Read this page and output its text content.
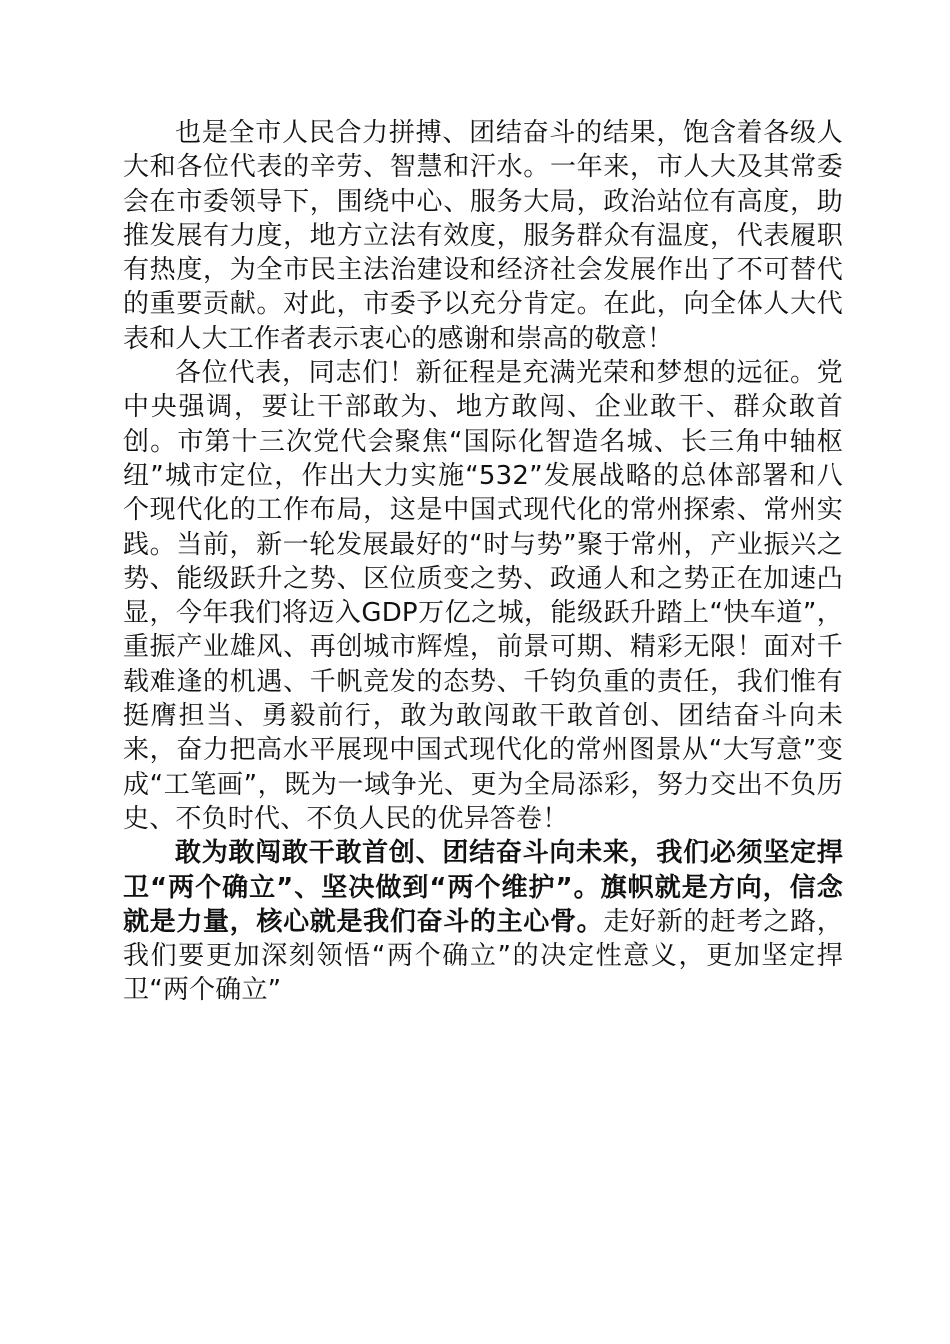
也是全市人民合力拼搏、团结奋斗的结果，饱含着各级人大和各位代表的辛劳、智慧和汗水。一年来，市人大及其常委会在市委领导下，围绕中心、服务大局，政治站位有高度，助推发展有力度，地方立法有效度，服务群众有温度，代表履职有热度，为全市民主法治建设和经济社会发展作出了不可替代的重要贡献。对此，市委予以充分肯定。在此，向全体人大代表和人大工作者表示衷心的感谢和崇高的敬意！

各位代表，同志们！新征程是充满光荣和梦想的远征。党中央强调，要让干部敢为、地方敢闯、企业敢干、群众敢首创。市第十三次党代会聚焦“国际化智造名城、长三角中轴枢纽”城市定位，作出大力实施“532”发展战略的总体部署和八个现代化的工作布局，这是中国式现代化的常州探索、常州实践。当前，新一轮发展最好的“时与势”聚于常州，产业振兴之势、能级跃升之势、区位质变之势、政通人和之势正在加速凸显，今年我们将迈入GDP万亿之城，能级跃升踏上“快车道”，重振产业雄风、再创城市辉煌，前景可期、精彩无限！面对千载难逢的机遇、千帆竞发的态势、千钧负重的责任，我们惟有挺膺担当、勇毅前行，敢为敢闯敢干敢首创、团结奋斗向未来，奋力把高水平展现中国式现代化的常州图景从“大写意”变成“工笔画”，既为一域争光、更为全局添彩，努力交出不负历史、不负时代、不负人民的优异答卷！

敢为敢闯敢干敢首创、团结奋斗向未来，我们必须坚定捍卫“两个确立”、坚决做到“两个维护”。旗帜就是方向，信念就是力量，核心就是我们奋斗的主心骨。走好新的赶考之路，我们要更加深刻领悟“两个确立”的决定性意义，更加坚定捍卫“两个确立”
